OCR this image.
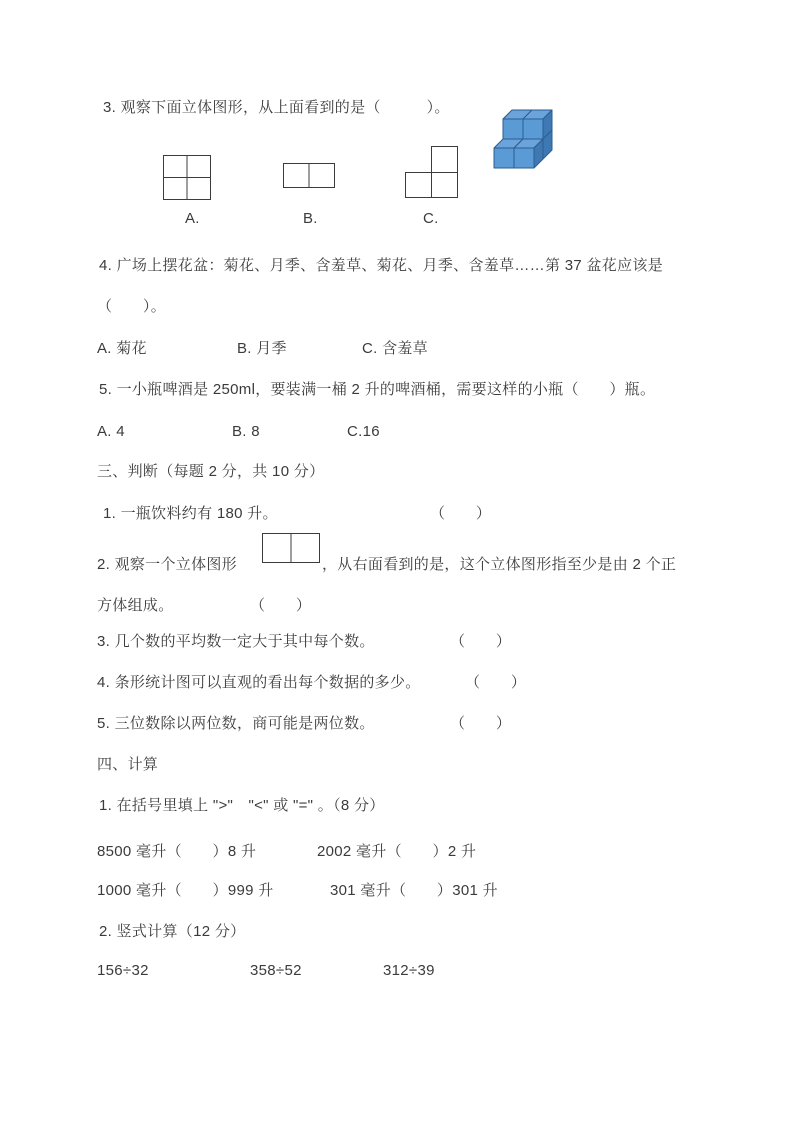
3. 观察下面立体图形，从上面看到的是（　　　）。
A.	B.	C.
4. 广场上摆花盆：菊花、月季、含羞草、菊花、月季、含羞草……第 37 盆花应该是
（　　）。
A. 菊花	B. 月季	C. 含羞草
5. 一小瓶啤酒是 250ml，要装满一桶 2 升的啤酒桶，需要这样的小瓶（　　）瓶。
A. 4	B. 8	C.16
三、判断（每题 2 分，共 10 分）
1. 一瓶饮料约有 180 升。	（　　）
2. 观察一个立体图形	，从右面看到的是，这个立体图形指至少是由 2 个正
方体组成。	（　　）
3. 几个数的平均数一定大于其中每个数。	（　　）
4. 条形统计图可以直观的看出每个数据的多少。	（　　）
5. 三位数除以两位数，商可能是两位数。	（　　）
四、计算
1. 在括号里填上 ">"　"<" 或 "=" 。（8 分）
8500 毫升（　　）8 升	2002 毫升（　　）2 升
1000 毫升（　　）999 升	301 毫升（　　）301 升
2. 竖式计算（12 分）
156÷32	358÷52	312÷39
